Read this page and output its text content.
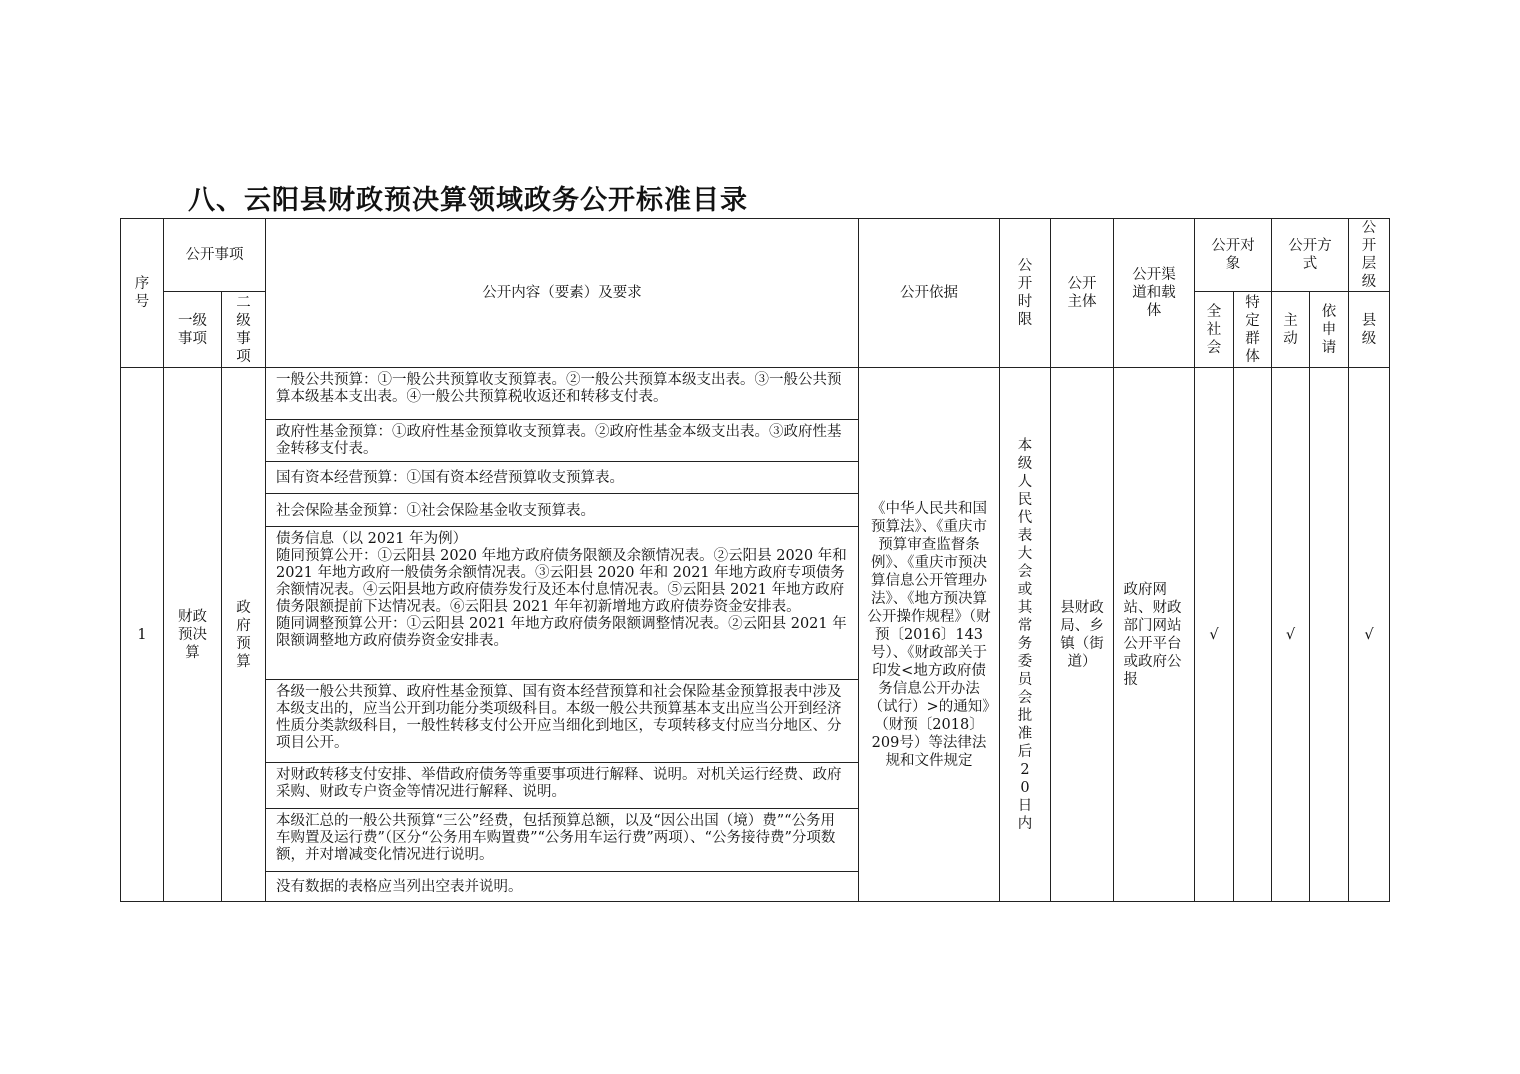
八、云阳县财政预决算领域政务公开标准目录
序号	公开事项		公开内容（要素）及要求	公开依据	公开时限	公开主体	公开渠道和载体	公开对象		公开方式		公开层级

	一级事项	二级事项						全社会	特定群体	主动	依申请	县级

1	财政预决算	政府预算	一般公共预算：①一般公共预算收支预算表。②一般公共预算本级支出表。③一般公共预算本级基本支出表。④一般公共预算税收返还和转移支付表。	《中华人民共和国预算法》、《重庆市预算审查监督条例》、《重庆市预决算信息公开管理办法》、《地方预决算公开操作规程》（财预〔2016〕143号）、《财政部关于印发<地方政府债务信息公开办法（试行）>的通知》（财预〔2018〕209号）等法律法规和文件规定	本级人民代表大会或其常务委员会批准后20日内	县财政局、乡镇（街道）	政府网站、财政部门网站公开平台或政府公报	√		√		√

			政府性基金预算：①政府性基金预算收支预算表。②政府性基金本级支出表。③政府性基金转移支付表。									

			国有资本经营预算：①国有资本经营预算收支预算表。									

			社会保险基金预算：①社会保险基金收支预算表。									

			债务信息（以 2021 年为例）
随同预算公开：①云阳县 2020 年地方政府债务限额及余额情况表。②云阳县 2020 年和 2021 年地方政府一般债务余额情况表。③云阳县 2020 年和 2021 年地方政府专项债务余额情况表。④云阳县地方政府债券发行及还本付息情况表。⑤云阳县 2021 年地方政府债务限额提前下达情况表。⑥云阳县 2021 年年初新增地方政府债券资金安排表。
随同调整预算公开：①云阳县 2021 年地方政府债务限额调整情况表。②云阳县 2021 年限额调整地方政府债券资金安排表。									

			各级一般公共预算、政府性基金预算、国有资本经营预算和社会保险基金预算报表中涉及本级支出的，应当公开到功能分类项级科目。本级一般公共预算基本支出应当公开到经济性质分类款级科目，一般性转移支付公开应当细化到地区，专项转移支付应当分地区、分项目公开。									

			对财政转移支付安排、举借政府债务等重要事项进行解释、说明。对机关运行经费、政府采购、财政专户资金等情况进行解释、说明。									

			本级汇总的一般公共预算“三公”经费，包括预算总额，以及“因公出国（境）费”“公务用车购置及运行费”（区分“公务用车购置费”“公务用车运行费”两项）、“公务接待费”分项数额，并对增减变化情况进行说明。									

			没有数据的表格应当列出空表并说明。									
